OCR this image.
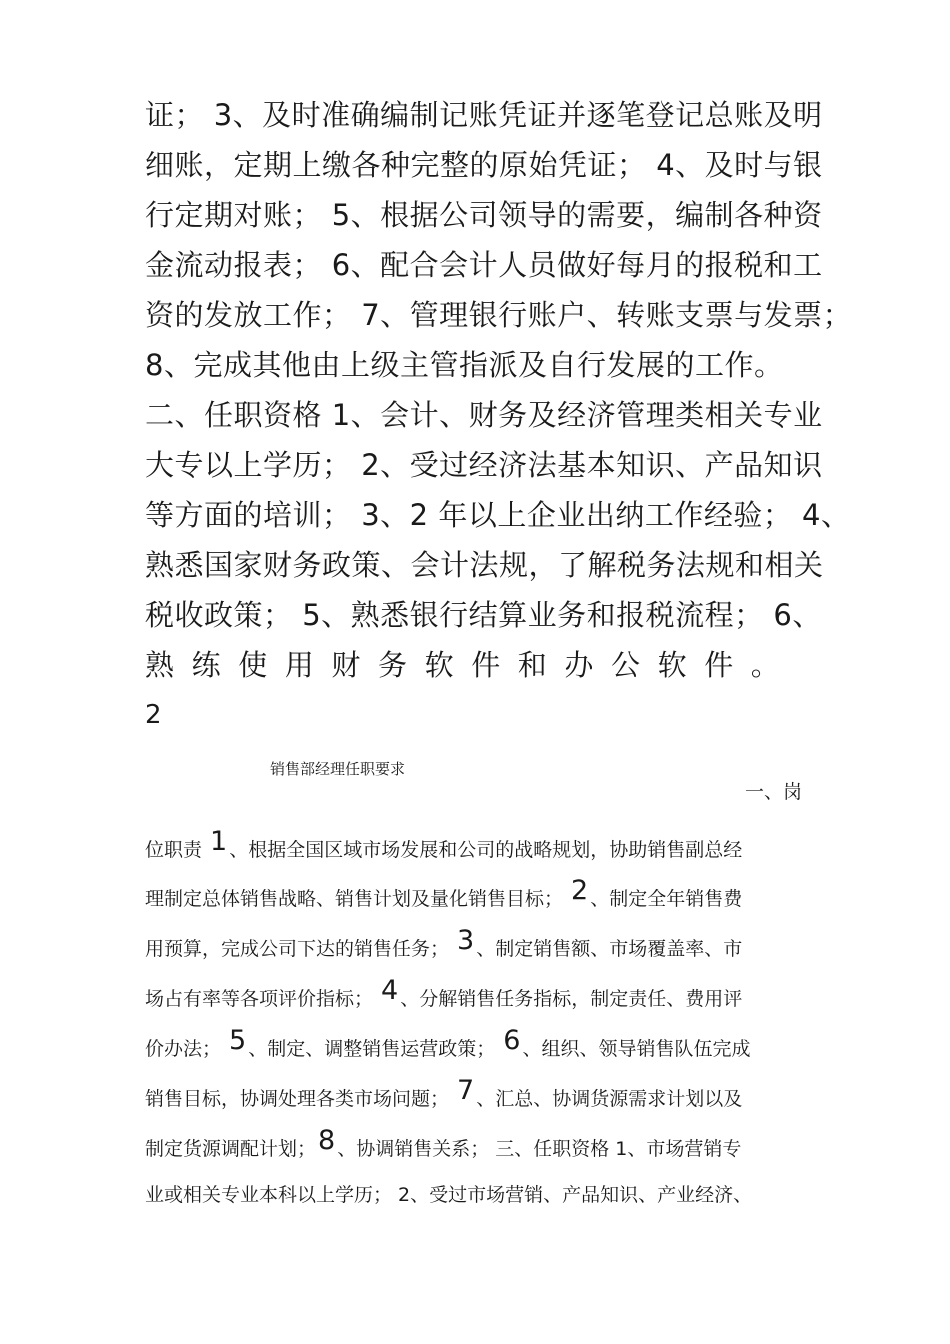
证； 3、及时准确编制记账凭证并逐笔登记总账及明
细账，定期上缴各种完整的原始凭证； 4、及时与银
行定期对账； 5、根据公司领导的需要，编制各种资
金流动报表； 6、配合会计人员做好每月的报税和工
资的发放工作； 7、管理银行账户、转账支票与发票；
8、完成其他由上级主管指派及自行发展的工作。
二、任职资格 1、会计、财务及经济管理类相关专业
大专以上学历； 2、受过经济法基本知识、产品知识
等方面的培训； 3、2 年以上企业出纳工作经验； 4、
熟悉国家财务政策、会计法规，了解税务法规和相关
税收政策； 5、熟悉银行结算业务和报税流程； 6、
熟练使用财务软件和办公软件。
2
销售部经理任职要求
一、岗
位职责 1 、根据全国区域市场发展和公司的战略规划，协助销售副总经
理制定总体销售战略、销售计划及量化销售目标； 2 、制定全年销售费
用预算，完成公司下达的销售任务； 3 、制定销售额、市场覆盖率、市
场占有率等各项评价指标； 4 、分解销售任务指标，制定责任、费用评
价办法； 5 、制定、调整销售运营政策； 6 、组织、领导销售队伍完成
销售目标，协调处理各类市场问题； 7 、汇总、协调货源需求计划以及
制定货源调配计划；8 、协调销售关系； 三、任职资格 1、市场营销专
业或相关专业本科以上学历； 2、受过市场营销、产品知识、产业经济、
